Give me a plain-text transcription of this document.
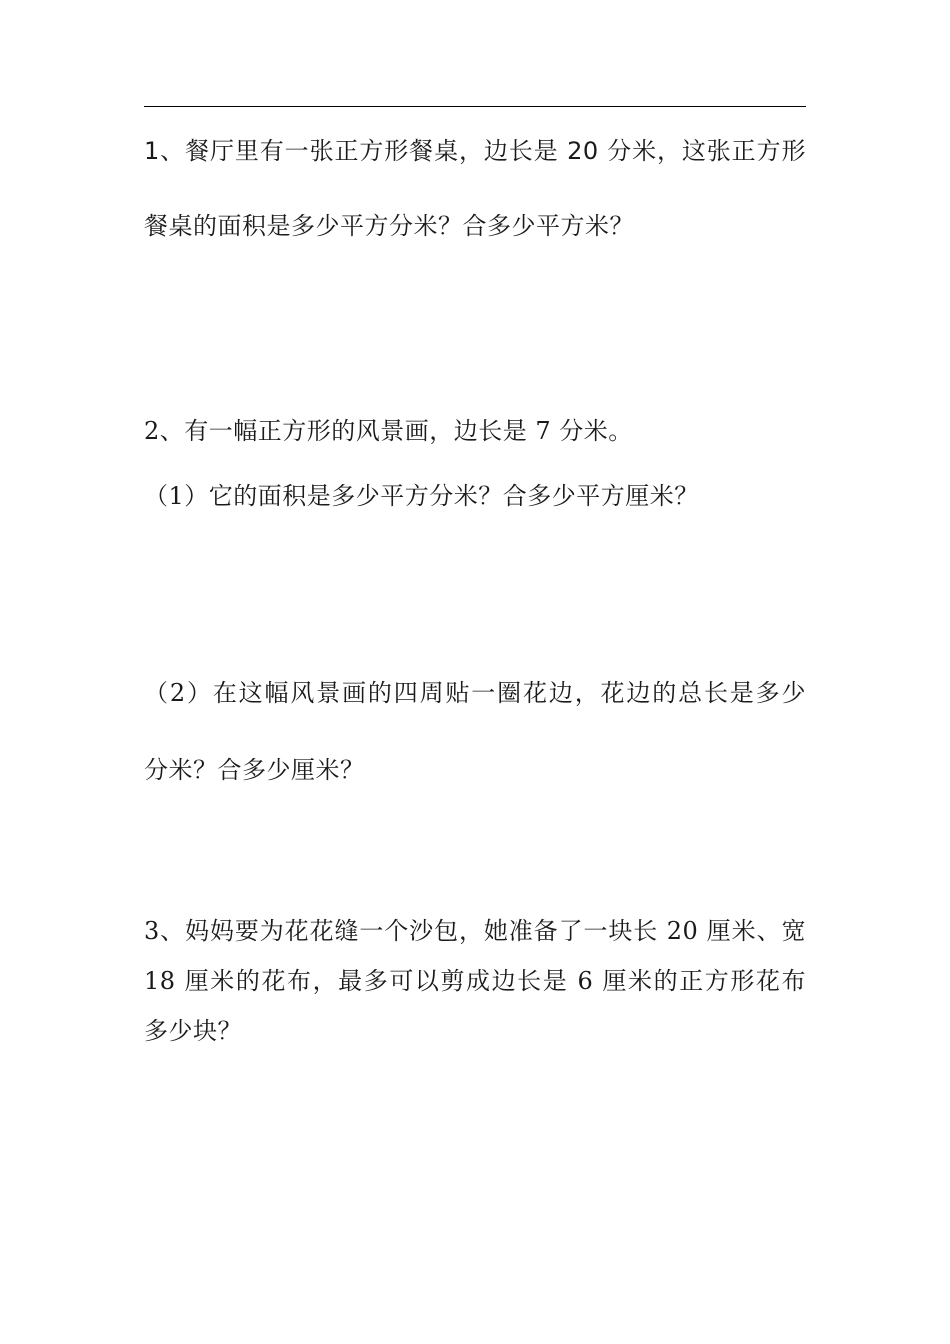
1、餐厅里有一张正方形餐桌，边长是 20 分米，这张正方形
餐桌的面积是多少平方分米？合多少平方米？
2、有一幅正方形的风景画，边长是 7 分米。
（1）它的面积是多少平方分米？合多少平方厘米？
（2）在这幅风景画的四周贴一圈花边，花边的总长是多少
分米？合多少厘米？
3、妈妈要为花花缝一个沙包，她准备了一块长 20 厘米、宽
18 厘米的花布，最多可以剪成边长是 6 厘米的正方形花布
多少块？
